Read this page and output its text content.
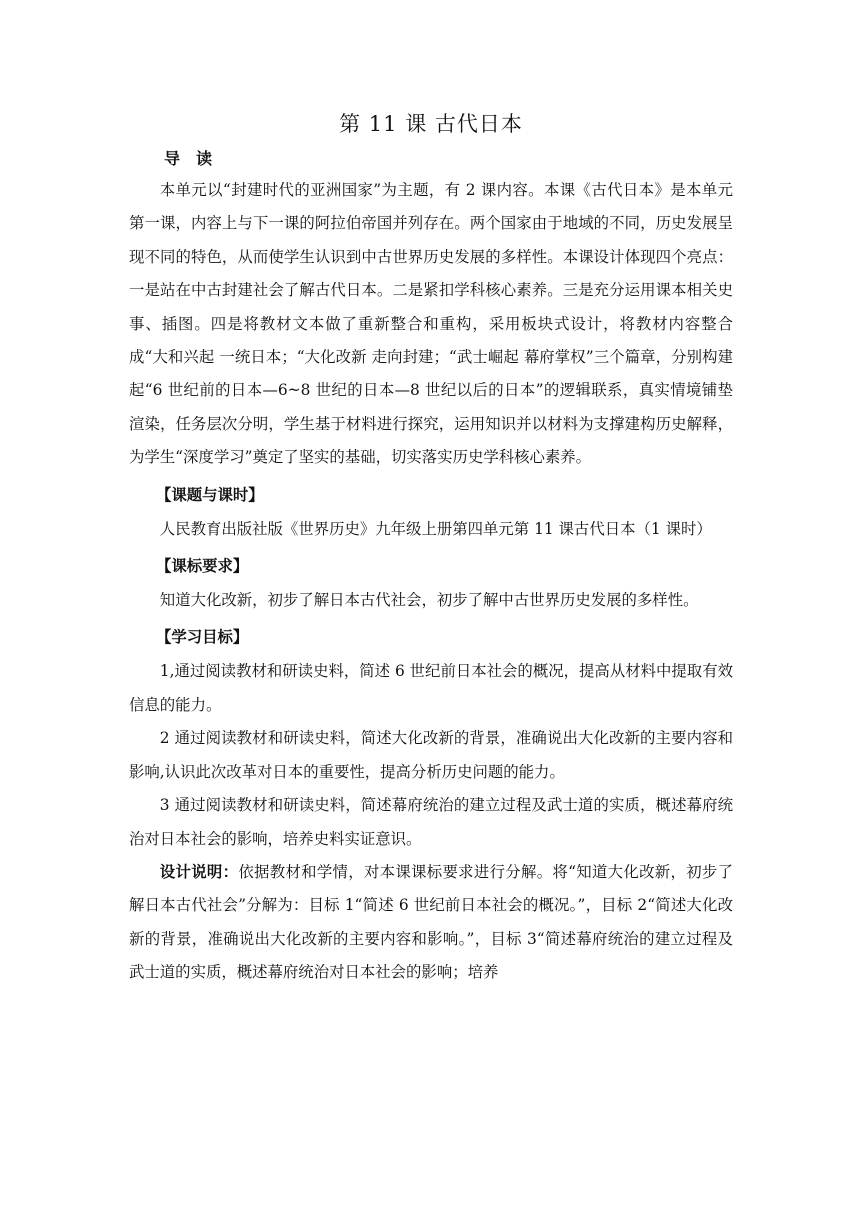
第 11 课 古代日本
导读

本单元以“封建时代的亚洲国家”为主题，有 2 课内容。本课《古代日本》是本单元第一课，内容上与下一课的阿拉伯帝国并列存在。两个国家由于地域的不同，历史发展呈现不同的特色，从而使学生认识到中古世界历史发展的多样性。本课设计体现四个亮点：一是站在中古封建社会了解古代日本。二是紧扣学科核心素养。三是充分运用课本相关史事、插图。四是将教材文本做了重新整合和重构，采用板块式设计，将教材内容整合成“大和兴起 一统日本；“大化改新 走向封建；“武士崛起 幕府掌权”三个篇章，分别构建起“6 世纪前的日本—6~8 世纪的日本—8 世纪以后的日本”的逻辑联系，真实情境铺垫渲染，任务层次分明，学生基于材料进行探究，运用知识并以材料为支撑建构历史解释，为学生“深度学习”奠定了坚实的基础，切实落实历史学科核心素养。

【课题与课时】

人民教育出版社版《世界历史》九年级上册第四单元第 11 课古代日本（1 课时）

【课标要求】

知道大化改新，初步了解日本古代社会，初步了解中古世界历史发展的多样性。

【学习目标】

1,通过阅读教材和研读史料，简述 6 世纪前日本社会的概况，提高从材料中提取有效信息的能力。

2 通过阅读教材和研读史料，简述大化改新的背景，准确说出大化改新的主要内容和影响,认识此次改革对日本的重要性，提高分析历史问题的能力。

3 通过阅读教材和研读史料，简述幕府统治的建立过程及武士道的实质，概述幕府统治对日本社会的影响，培养史料实证意识。

设计说明：依据教材和学情，对本课课标要求进行分解。将“知道大化改新，初步了解日本古代社会”分解为：目标 1“简述 6 世纪前日本社会的概况。”，目标 2“简述大化改新的背景，准确说出大化改新的主要内容和影响。”，目标 3“简述幕府统治的建立过程及武士道的实质，概述幕府统治对日本社会的影响；培养
